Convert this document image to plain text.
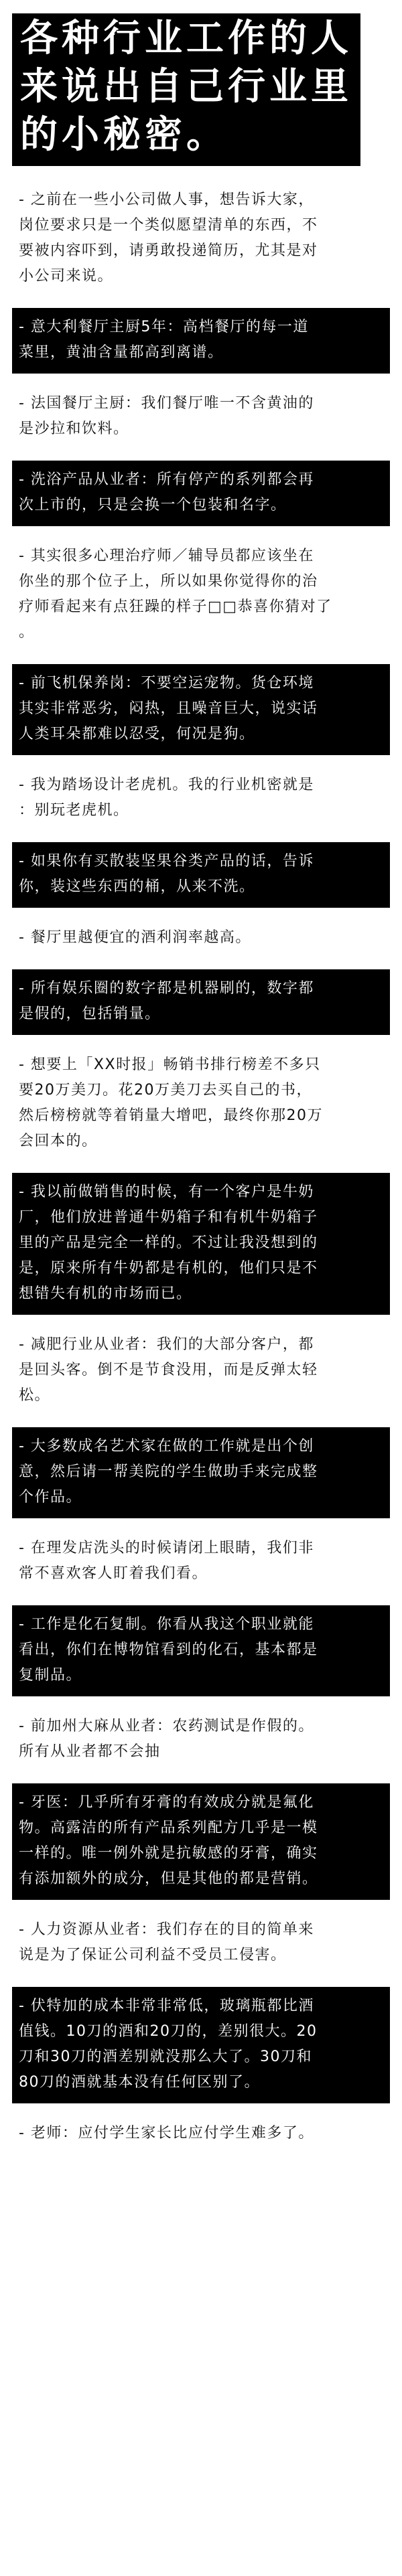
各种行业工作的人
来说出自己行业里
的小秘密。
- 之前在一些小公司做人事，想告诉大家，
岗位要求只是一个类似愿望清单的东西，不
要被内容吓到，请勇敢投递简历，尤其是对
小公司来说。
- 意大利餐厅主厨5年：高档餐厅的每一道
菜里，黄油含量都高到离谱。
- 法国餐厅主厨：我们餐厅唯一不含黄油的
是沙拉和饮料。
- 洗浴产品从业者：所有停产的系列都会再
次上市的，只是会换一个包装和名字。
- 其实很多心理治疗师／辅导员都应该坐在
你坐的那个位子上，所以如果你觉得你的治
疗师看起来有点狂躁的样子□□恭喜你猜对了
。
- 前飞机保养岗：不要空运宠物。货仓环境
其实非常恶劣，闷热，且噪音巨大，说实话
人类耳朵都难以忍受，何况是狗。
- 我为踏场设计老虎机。我的行业机密就是
：别玩老虎机。
- 如果你有买散装坚果谷类产品的话，告诉
你，装这些东西的桶，从来不洗。
- 餐厅里越便宜的酒利润率越高。
- 所有娱乐圈的数字都是机器刷的，数字都
是假的，包括销量。
- 想要上「XX时报」畅销书排行榜差不多只
要20万美刀。花20万美刀去买自己的书，
然后榜榜就等着销量大增吧，最终你那20万
会回本的。
- 我以前做销售的时候，有一个客户是牛奶
厂，他们放进普通牛奶箱子和有机牛奶箱子
里的产品是完全一样的。不过让我没想到的
是，原来所有牛奶都是有机的，他们只是不
想错失有机的市场而已。
- 减肥行业从业者：我们的大部分客户，都
是回头客。倒不是节食没用，而是反弹太轻
松。
- 大多数成名艺术家在做的工作就是出个创
意，然后请一帮美院的学生做助手来完成整
个作品。
- 在理发店洗头的时候请闭上眼睛，我们非
常不喜欢客人盯着我们看。
- 工作是化石复制。你看从我这个职业就能
看出，你们在博物馆看到的化石，基本都是
复制品。
- 前加州大麻从业者：农药测试是作假的。
所有从业者都不会抽
- 牙医：几乎所有牙膏的有效成分就是氟化
物。高露洁的所有产品系列配方几乎是一模
一样的。唯一例外就是抗敏感的牙膏，确实
有添加额外的成分，但是其他的都是营销。
- 人力资源从业者：我们存在的目的简单来
说是为了保证公司利益不受员工侵害。
- 伏特加的成本非常非常低，玻璃瓶都比酒
值钱。10刀的酒和20刀的，差别很大。20
刀和30刀的酒差别就没那么大了。30刀和
80刀的酒就基本没有任何区别了。
- 老师：应付学生家长比应付学生难多了。
